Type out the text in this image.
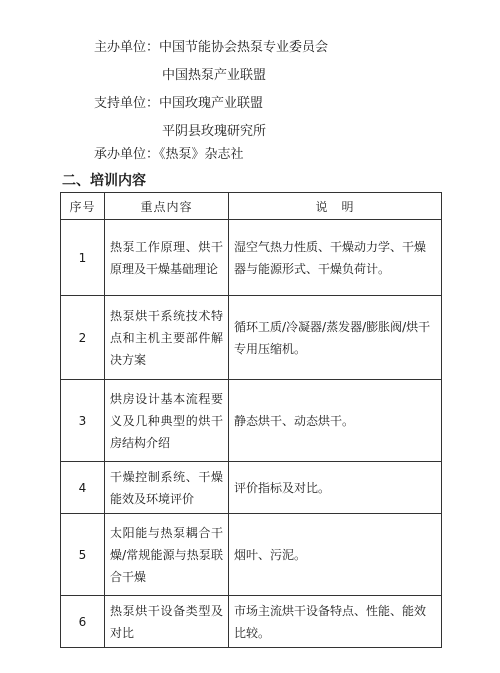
主办单位：中国节能协会热泵专业委员会
中国热泵产业联盟
支持单位：中国玫瑰产业联盟
平阴县玫瑰研究所
承办单位：《热泵》杂志社
二、培训内容
序号	重点内容	说　明
1	热泵工作原理、烘干原理及干燥基础理论	湿空气热力性质、干燥动力学、干燥器与能源形式、干燥负荷计。
2	热泵烘干系统技术特点和主机主要部件解决方案	循环工质/冷凝器/蒸发器/膨胀阀/烘干专用压缩机。
3	烘房设计基本流程要义及几种典型的烘干房结构介绍	静态烘干、动态烘干。
4	干燥控制系统、干燥能效及环境评价	评价指标及对比。
5	太阳能与热泵耦合干燥/常规能源与热泵联合干燥	烟叶、污泥。
6	热泵烘干设备类型及对比	市场主流烘干设备特点、性能、能效比较。
